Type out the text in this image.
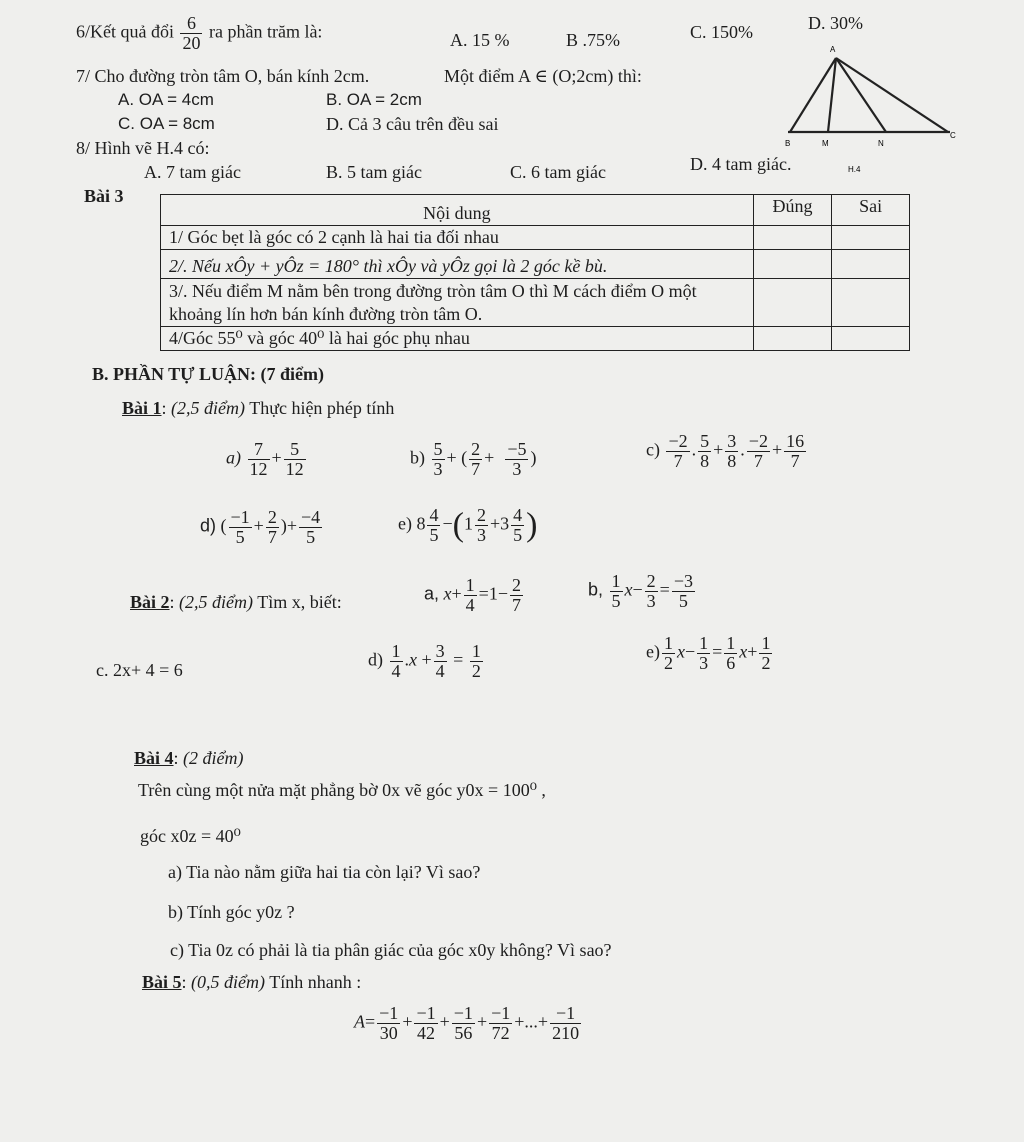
6/Kết quả đổi $\frac{6}{20}$ ra phần trăm là:	A. 15 %	B .75%	C. 150%	D. 30%
7/ Cho đường tròn tâm O, bán kính 2cm.	Một điểm A ∈ (O;2cm) thì:
A. OA = 4cm	B. OA = 2cm
C. OA = 8cm	D. Cả 3 câu trên đều sai
8/ Hình vẽ H.4 có:
A. 7 tam giác	B. 5 tam giác	C. 6 tam giác	D. 4 tam giác.
A
B	M	N
C
H.4
Bài 3
Nội dung	Đúng	Sai
1/ Góc bẹt là góc có 2 cạnh là hai tia đối nhau		
2/. Nếu xÔy + yÔz = 180° thì xÔy và yÔz gọi là 2 góc kề bù.		
3/. Nếu điểm M nằm bên trong đường tròn tâm O thì M cách điểm O một khoảng lín hơn bán kính đường tròn tâm O.		
4/Góc 55⁰ và góc 40⁰ là hai góc phụ nhau		
B. PHẦN TỰ LUẬN: (7 điểm)
Bài 1: (2,5 điểm) Thực hiện phép tính
$a) \frac{7}{12} + \frac{5}{12}$	$b) \frac{5}{3}$ + ( $\frac{2}{7} + \frac{-5}{3}$ )	$c) \frac{-2}{7}$ . $\frac{5}{8} + \frac{3}{8}$ . $\frac{-2}{7} + \frac{16}{7}$
d) ( $\frac{-1}{5} + \frac{2}{7}$ )+ $\frac{-4}{5}$	e) $8 \frac{4}{5} -(1 \frac{2}{3} +3 \frac{4}{5}$ )
Bài 2: (2,5 điểm) Tìm x, biết:	a, $x+ \frac{1}{4} =1- \frac{2}{7}$	b, $\frac{1}{5} x- \frac{2}{3} = \frac{-3}{5}$
c. 2x+ 4 = 6
$d) \frac{1}{4} .x + \frac{3}{4} = \frac{1}{2}$	$e) \frac{1}{2} x- \frac{1}{3} = \frac{1}{6} x+ \frac{1}{2}$
Bài 4: (2 điểm)
Trên cùng một nửa mặt phẳng bờ 0x vẽ góc y0x = 100⁰ ,
góc x0z = 40⁰
a) Tia nào nằm giữa hai tia còn lại? Vì sao?
b) Tính góc y0z ?
c) Tia 0z có phải là tia phân giác của góc x0y không? Vì sao?
Bài 5: (0,5 điểm) Tính nhanh :
$A= \frac{-1}{30} + \frac{-1}{42} + \frac{-1}{56} + \frac{-1}{72}$ +...+ $\frac{-1}{210}$
